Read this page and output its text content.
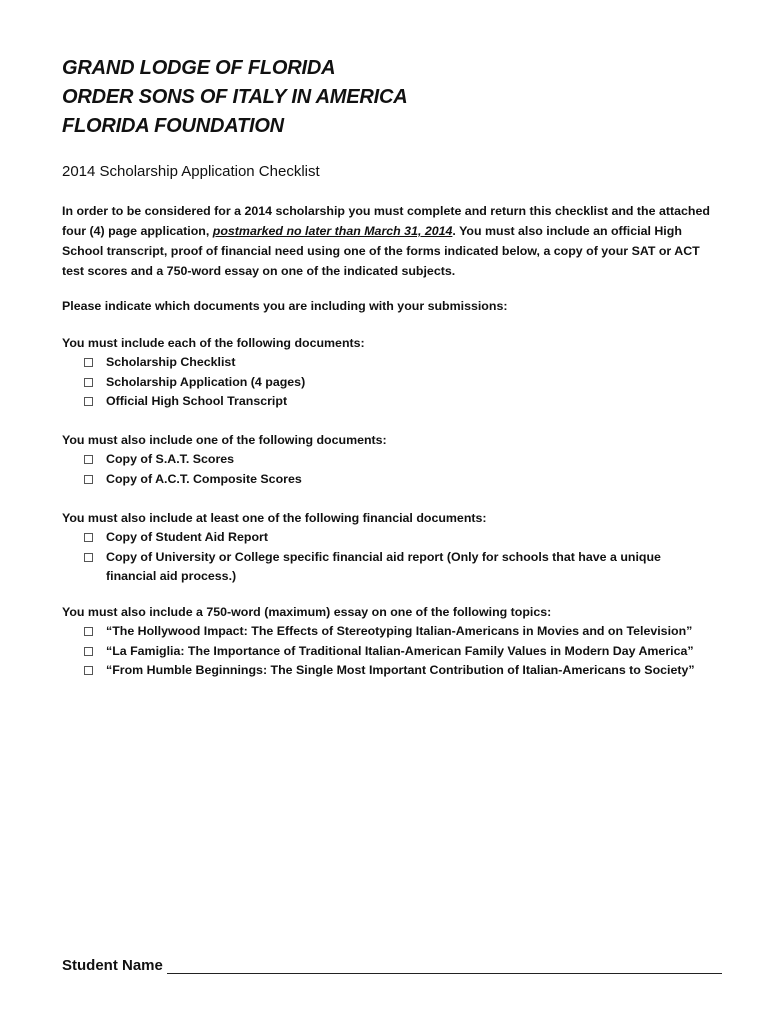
GRAND LODGE OF FLORIDA
ORDER SONS OF ITALY IN AMERICA
FLORIDA FOUNDATION
2014 Scholarship Application Checklist
In order to be considered for a 2014 scholarship you must complete and return this checklist and the attached four (4) page application, postmarked no later than March 31, 2014. You must also include an official High School transcript, proof of financial need using one of the forms indicated below, a copy of your SAT or ACT test scores and a 750-word essay on one of the indicated subjects.
Please indicate which documents you are including with your submissions:
You must include each of the following documents:
Scholarship Checklist
Scholarship Application (4 pages)
Official High School Transcript
You must also include one of the following documents:
Copy of S.A.T. Scores
Copy of A.C.T. Composite Scores
You must also include at least one of the following financial documents:
Copy of Student Aid Report
Copy of University or College specific financial aid report (Only for schools that have a unique financial aid process.)
You must also include a 750-word (maximum) essay on one of the following topics:
“The Hollywood Impact: The Effects of Stereotyping Italian-Americans in Movies and on Television”
“La Famiglia: The Importance of Traditional Italian-American Family Values in Modern Day America”
“From Humble Beginnings: The Single Most Important Contribution of Italian-Americans to Society”
Student Name
